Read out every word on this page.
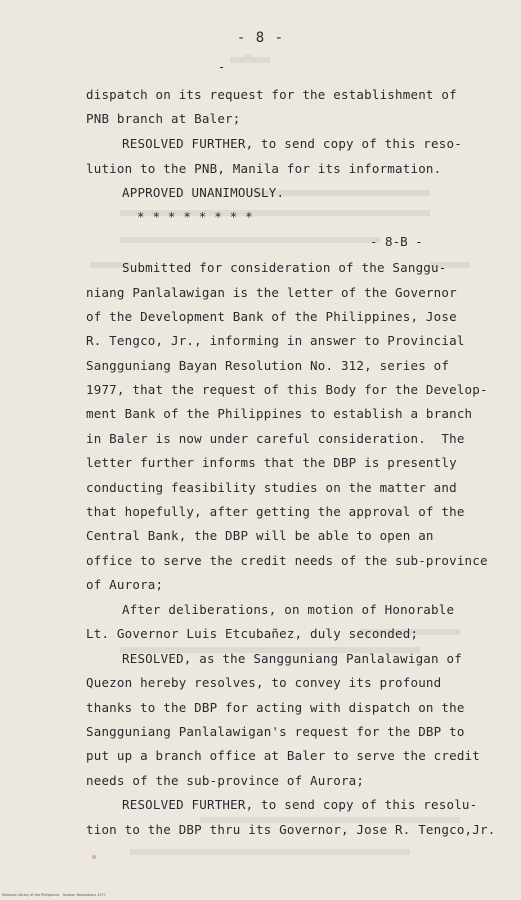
- 8 -
-
dispatch on its request for the establishment of
PNB branch at Baler;
RESOLVED FURTHER, to send copy of this reso-
lution to the PNB, Manila for its information.
APPROVED UNANIMOUSLY.
* * * * * * * *
- 8-B -
Submitted for consideration of the Sanggu-
niang Panlalawigan is the letter of the Governor
of the Development Bank of the Philippines, Jose
R. Tengco, Jr., informing in answer to Provincial
Sangguniang Bayan Resolution No. 312, series of
1977, that the request of this Body for the Develop-
ment Bank of the Philippines to establish a branch
in Baler is now under careful consideration.  The
letter further informs that the DBP is presently
conducting feasibility studies on the matter and
that hopefully, after getting the approval of the
Central Bank, the DBP will be able to open an
office to serve the credit needs of the sub-province
of Aurora;
After deliberations, on motion of Honorable
Lt. Governor Luis Etcubañez, duly seconded;
RESOLVED, as the Sangguniang Panlalawigan of
Quezon hereby resolves, to convey its profound
thanks to the DBP for acting with dispatch on the
Sangguniang Panlalawigan's request for the DBP to
put up a branch office at Baler to serve the credit
needs of the sub-province of Aurora;
RESOLVED FURTHER, to send copy of this resolu-
tion to the DBP thru its Governor, Jose R. Tengco,Jr.
National Library of the Philippines   Quezon Resolutions 1977
